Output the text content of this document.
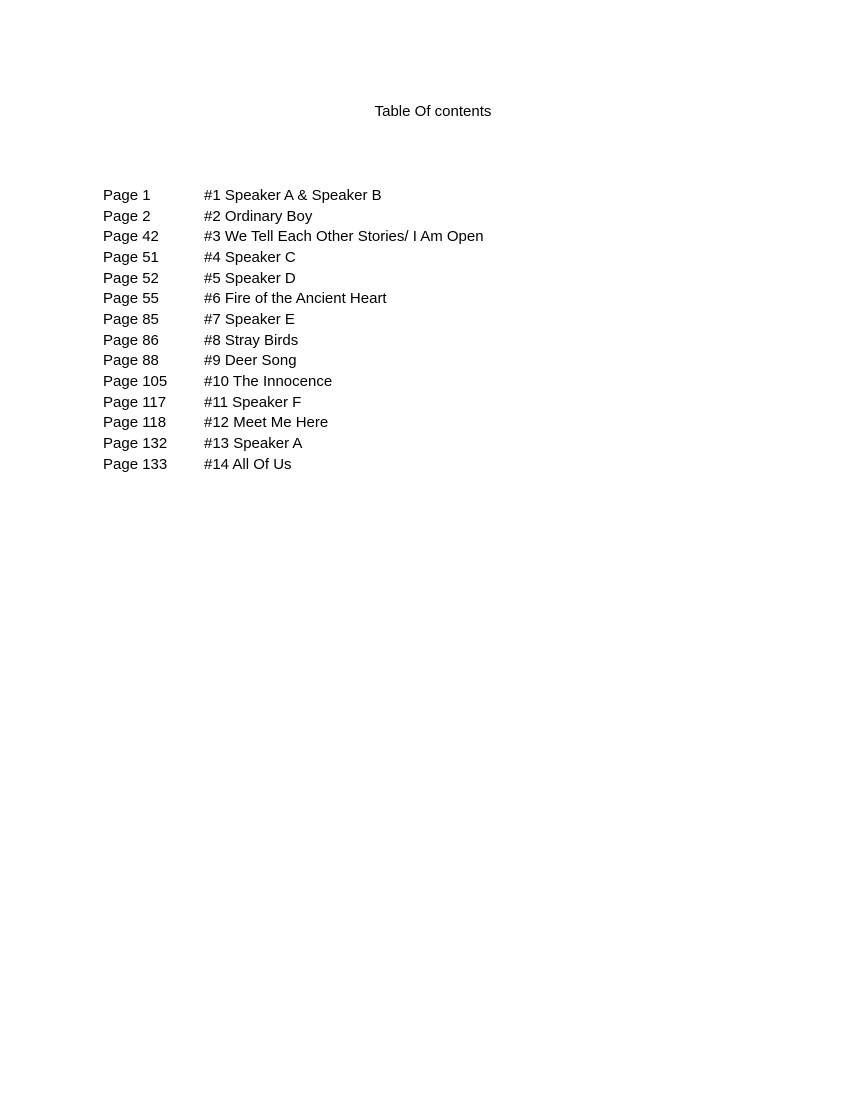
Table Of contents
Page 1	#1 Speaker A & Speaker B
Page 2	#2 Ordinary Boy
Page 42	#3 We Tell Each Other Stories/ I Am Open
Page 51	#4 Speaker C
Page 52	#5 Speaker D
Page 55	#6 Fire of the Ancient Heart
Page 85	#7 Speaker E
Page 86	#8 Stray Birds
Page 88	#9 Deer Song
Page 105	#10 The Innocence
Page 117	#11 Speaker F
Page 118	#12 Meet Me Here
Page 132	#13 Speaker A
Page 133	#14 All Of Us
